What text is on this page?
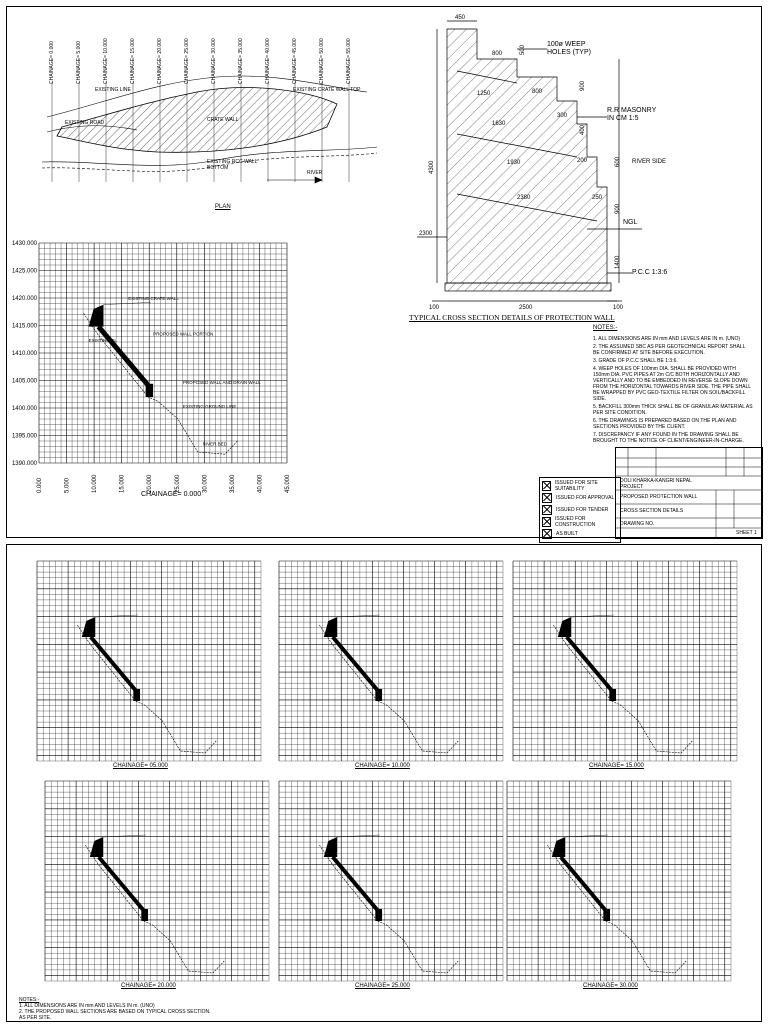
CHAINAGE= 0.000	CHAINAGE= 5.000	CHAINAGE= 10.000	CHAINAGE= 15.000	CHAINAGE= 20.000	CHAINAGE= 25.000	CHAINAGE= 30.000	CHAINAGE= 35.000	CHAINAGE= 40.000	CHAINAGE= 45.000	CHAINAGE= 50.000	CHAINAGE= 55.000
EXISTING LINE	EXISTING CRATE WALL TOP
EXISTING ROAD	CRATE WALL
EXISTING RCC WALL BOTTOM
RIVER
PLAN
450
800	500
1250	800
900
1630
300
400
1930	200	600
2380	250
900
4300
2300
1400
100	2500	100
100ø WEEP HOLES (TYP)
R.R MASONRY IN CM 1:5
RIVER SIDE
NGL
P.C.C 1:3:6
TYPICAL CROSS SECTION DETAILS OF PROTECTION WALL
NOTES:-
1. ALL DIMENSIONS ARE IN mm AND LEVELS ARE IN m. (UNO)
2. THE ASSUMED SBC AS PER GEOTECHNICAL REPORT SHALL BE CONFIRMED AT SITE BEFORE EXECUTION.
3. GRADE OF P.C.C SHALL BE 1:3:6.
4. WEEP HOLES OF 100mm DIA. SHALL BE PROVIDED WITH 150mm DIA. PVC PIPES AT 2m C/C BOTH HORIZONTALLY AND VERTICALLY AND TO BE EMBEDDED IN REVERSE SLOPE DOWN FROM THE HORIZONTAL TOWARDS RIVER SIDE. THE PIPE SHALL BE WRAPPED BY PVC GEO-TEXTILE FILTER ON SOIL/BACKFILL SIDE.
5. BACKFILL 300mm THICK SHALL BE OF GRANULAR MATERIAL AS PER SITE CONDITION.
6. THE DRAWINGS IS PREPARED BASED ON THE PLAN AND SECTIONS PROVIDED BY THE CLIENT.
7. DISCREPANCY IF ANY FOUND IN THE DRAWING SHALL BE BROUGHT TO THE NOTICE OF CLIENT/ENGINEER-IN-CHARGE.
1430.000
1425.000
1420.000
1415.000
1410.000
1405.000
1400.000
1395.000
1390.000
0.000	5.000	10.000	15.000	20.000	25.000	30.000	35.000	40.000	45.000
EXISTING CRATE WALL
PROPOSED WALL PORTION
EXISTING GL
PROPOSED WALL AND DRAIN WALL
EXISTING GROUND LINE
RIVER BED
CHAINAGE= 0.000
ISSUED FOR SITE SUITABILITY
ISSUED FOR APPROVAL
ISSUED FOR TENDER
ISSUED FOR CONSTRUCTION
AS BUILT
DOLI KHARKA-KANGRI NEPAL PROJECT
PROPOSED PROTECTION WALL
CROSS SECTION DETAILS
DRAWING NO.
SHEET 1
CHAINAGE= 05.000	CHAINAGE= 10.000	CHAINAGE= 15.000
CHAINAGE= 20.000	CHAINAGE= 25.000	CHAINAGE= 30.000
NOTES:-
1. ALL DIMENSIONS ARE IN mm AND LEVELS IN m. (UNO)
2. THE PROPOSED WALL SECTIONS ARE BASED ON TYPICAL CROSS SECTION.
AS PER SITE.
